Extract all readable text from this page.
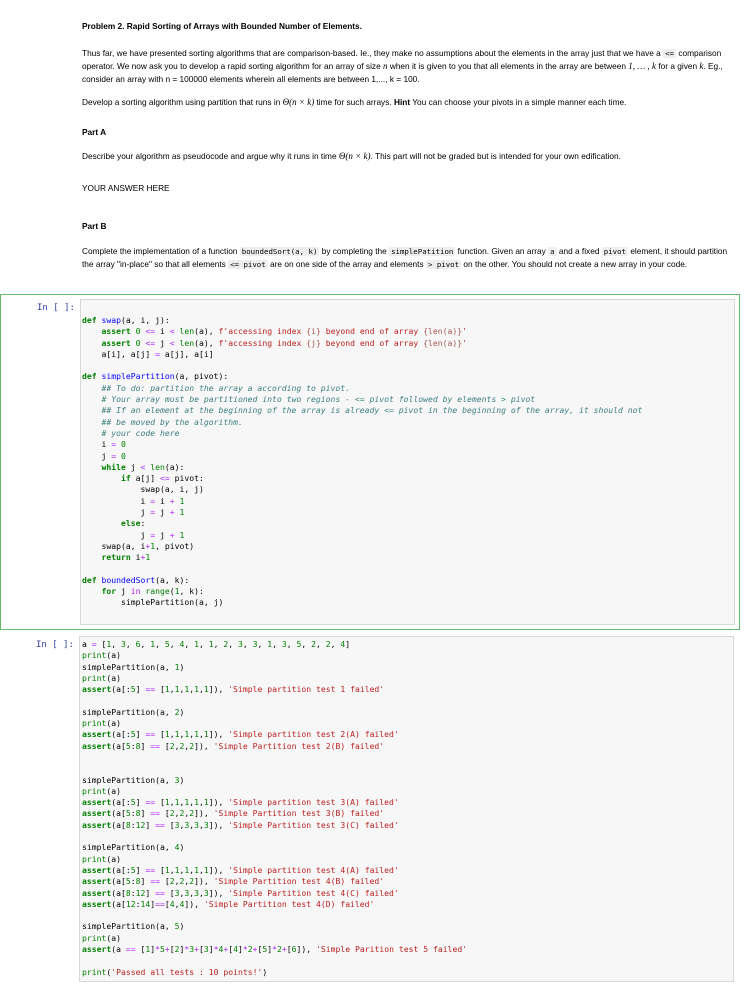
Problem 2. Rapid Sorting of Arrays with Bounded Number of Elements.

Thus far, we have presented sorting algorithms that are comparison-based. Ie., they make no assumptions about the elements in the array just that we have a <= comparison operator. We now ask you to develop a rapid sorting algorithm for an array of size n when it is given to you that all elements in the array are between 1, … , k for a given k. Eg., consider an array with n = 100000 elements wherein all elements are between 1,..., k = 100.

Develop a sorting algorithm using partition that runs in Θ(n × k) time for such arrays. Hint You can choose your pivots in a simple manner each time.

Part A

Describe your algorithm as pseudocode and argue why it runs in time Θ(n × k). This part will not be graded but is intended for your own edification.

YOUR ANSWER HERE

Part B

Complete the implementation of a function boundedSort(a, k) by completing the simplePatition function. Given an array a and a fixed pivot element, it should partition the array "in-place" so that all elements <= pivot are on one side of the array and elements > pivot on the other. You should not create a new array in your code.

In [ ]:
def swap(a, i, j):
assert 0 <= i < len(a), f'accessing index {i} beyond end of array {len(a)}'
assert 0 <= j < len(a), f'accessing index {j} beyond end of array {len(a)}'
a[i], a[j] = a[j], a[i]

def simplePartition(a, pivot):
## To do: partition the array a according to pivot.
# Your array must be partitioned into two regions - <= pivot followed by elements > pivot
## If an element at the beginning of the array is already <= pivot in the beginning of the array, it should not
## be moved by the algorithm.
# your code here
i = 0
j = 0
while j < len(a):
if a[j] <= pivot:
swap(a, i, j)
i = i + 1
j = j + 1
else:
j = j + 1
swap(a, i+1, pivot)
return i+1

def boundedSort(a, k):
for j in range(1, k):
simplePartition(a, j)
In [ ]: a = [1, 3, 6, 1, 5, 4, 1, 1, 2, 3, 3, 1, 3, 5, 2, 2, 4]
print(a)
simplePartition(a, 1)
print(a)
assert(a[:5] == [1,1,1,1,1]), 'Simple partition test 1 failed'

simplePartition(a, 2)
print(a)
assert(a[:5] == [1,1,1,1,1]), 'Simple partition test 2(A) failed'
assert(a[5:8] == [2,2,2]), 'Simple Partition test 2(B) failed'

simplePartition(a, 3)
print(a)
assert(a[:5] == [1,1,1,1,1]), 'Simple partition test 3(A) failed'
assert(a[5:8] == [2,2,2]), 'Simple Partition test 3(B) failed'
assert(a[8:12] == [3,3,3,3]), 'Simple Partition test 3(C) failed'

simplePartition(a, 4)
print(a)
assert(a[:5] == [1,1,1,1,1]), 'Simple partition test 4(A) failed'
assert(a[5:8] == [2,2,2]), 'Simple Partition test 4(B) failed'
assert(a[8:12] == [3,3,3,3]), 'Simple Partition test 4(C) failed'
assert(a[12:14]==[4,4]), 'Simple Partition test 4(D) failed'

simplePartition(a, 5)
print(a)
assert(a == [1]*5+[2]*3+[3]*4+[4]*2+[5]*2+[6]), 'Simple Parition test 5 failed'

print('Passed all tests : 10 points!')
